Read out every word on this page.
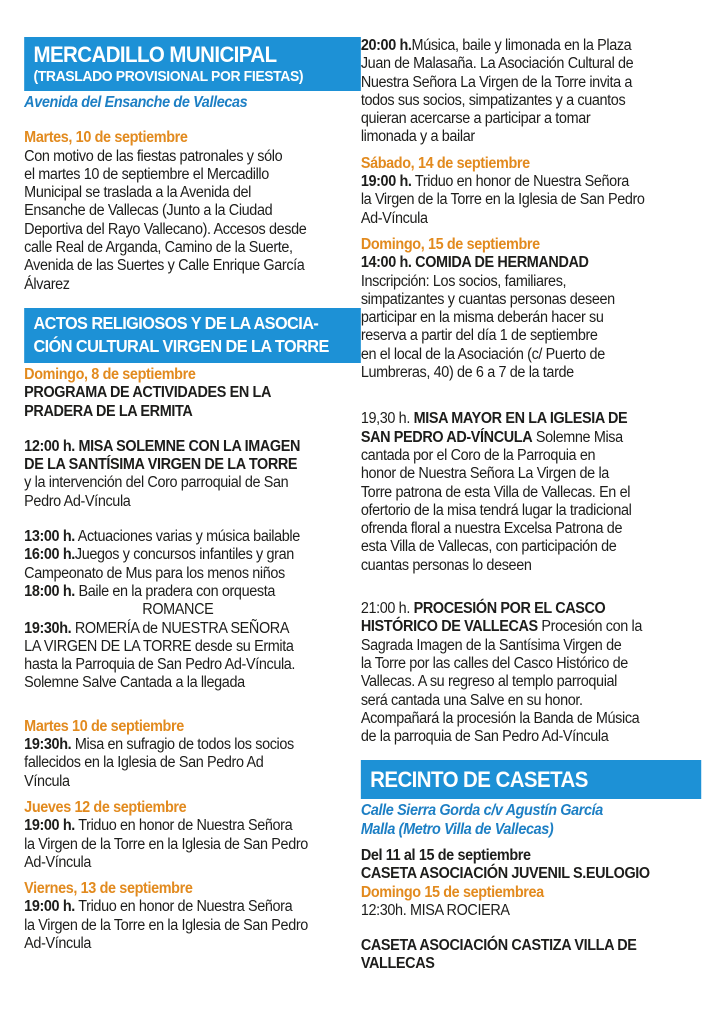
MERCADILLO MUNICIPAL
(TRASLADO PROVISIONAL POR FIESTAS)

Avenida del Ensanche de Vallecas

Martes, 10 de septiembre

Con motivo de las fiestas patronales y sólo

el martes 10 de septiembre el Mercadillo

Municipal se traslada a la Avenida del

Ensanche de Vallecas (Junto a la Ciudad

Deportiva del Rayo Vallecano). Accesos desde

calle Real de Arganda, Camino de la Suerte,

Avenida de las Suertes y Calle Enrique García

Álvarez

ACTOS RELIGIOSOS Y DE LA ASOCIA-
CIÓN CULTURAL VIRGEN DE LA TORRE

Domingo, 8 de septiembre

PROGRAMA DE ACTIVIDADES EN LA

PRADERA DE LA ERMITA

12:00 h. MISA SOLEMNE CON LA IMAGEN

DE LA SANTÍSIMA VIRGEN DE LA TORRE

y la intervención del Coro parroquial de San

Pedro Ad-Víncula

13:00 h. Actuaciones varias y música bailable

16:00 h.Juegos y concursos infantiles y gran

Campeonato de Mus para los menos niños

18:00 h. Baile en la pradera con orquesta

ROMANCE

19:30h. ROMERÍA de NUESTRA SEÑORA

LA VIRGEN DE LA TORRE desde su Ermita

hasta la Parroquia de San Pedro Ad-Víncula.

Solemne Salve Cantada a la llegada

Martes 10 de septiembre

19:30h. Misa en sufragio de todos los socios

fallecidos en la Iglesia de San Pedro Ad

Víncula

Jueves 12 de septiembre

19:00 h. Triduo en honor de Nuestra Señora

la Virgen de la Torre en la Iglesia de San Pedro

Ad-Víncula

Viernes, 13 de septiembre

19:00 h. Triduo en honor de Nuestra Señora

la Virgen de la Torre en la Iglesia de San Pedro

Ad-Víncula

20:00 h.Música, baile y limonada en la Plaza

Juan de Malasaña. La Asociación Cultural de

Nuestra Señora La Virgen de la Torre invita a

todos sus socios, simpatizantes y a cuantos

quieran acercarse a participar a tomar

limonada y a bailar

Sábado, 14 de septiembre

19:00 h. Triduo en honor de Nuestra Señora

la Virgen de la Torre en la Iglesia de San Pedro

Ad-Víncula

Domingo, 15 de septiembre

14:00 h. COMIDA DE HERMANDAD

Inscripción: Los socios, familiares,

simpatizantes y cuantas personas deseen

participar en la misma deberán hacer su

reserva a partir del día 1 de septiembre

en el local de la Asociación (c/ Puerto de

Lumbreras, 40) de 6 a 7 de la tarde

19,30 h. MISA MAYOR EN LA IGLESIA DE

SAN PEDRO AD-VÍNCULA Solemne Misa

cantada por el Coro de la Parroquia en

honor de Nuestra Señora La Virgen de la

Torre patrona de esta Villa de Vallecas. En el

ofertorio de la misa tendrá lugar la tradicional

ofrenda floral a nuestra Excelsa Patrona de

esta Villa de Vallecas, con participación de

cuantas personas lo deseen

21:00 h. PROCESIÓN POR EL CASCO

HISTÓRICO DE VALLECAS Procesión con la

Sagrada Imagen de la Santísima Virgen de

la Torre por las calles del Casco Histórico de

Vallecas. A su regreso al templo parroquial

será cantada una Salve en su honor.

Acompañará la procesión la Banda de Música

de la parroquia de San Pedro Ad-Víncula

RECINTO DE CASETAS

Calle Sierra Gorda c/v Agustín García

Malla (Metro Villa de Vallecas)

Del 11 al 15 de septiembre

CASETA ASOCIACIÓN JUVENIL S.EULOGIO

Domingo 15 de septiembrea

12:30h. MISA ROCIERA

CASETA ASOCIACIÓN CASTIZA VILLA DE

VALLECAS
